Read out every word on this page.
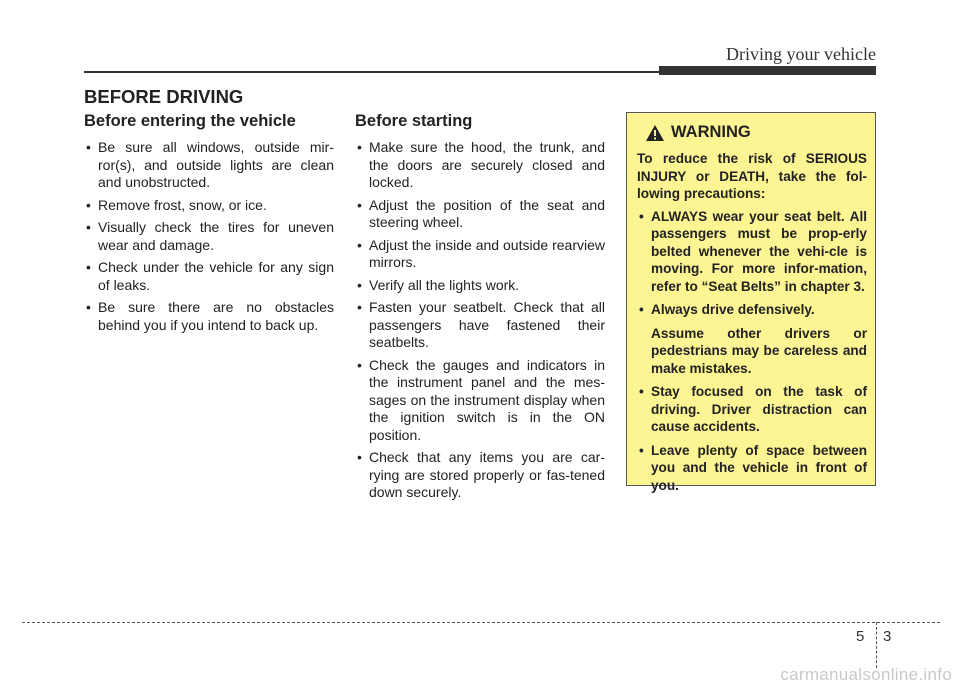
Driving your vehicle
BEFORE DRIVING
Before entering the vehicle
• Be sure all windows, outside mir-ror(s), and outside lights are clean and unobstructed.
• Remove frost, snow, or ice.
• Visually check the tires for uneven wear and damage.
• Check under the vehicle for any sign of leaks.
• Be sure there are no obstacles behind you if you intend to back up.
Before starting
• Make sure the hood, the trunk, and the doors are securely closed and locked.
• Adjust the position of the seat and steering wheel.
• Adjust the inside and outside rearview mirrors.
• Verify all the lights work.
• Fasten your seatbelt. Check that all passengers have fastened their seatbelts.
• Check the gauges and indicators in the instrument panel and the mes-sages on the instrument display when the ignition switch is in the ON position.
• Check that any items you are car-rying are stored properly or fas-tened down securely.
WARNING
To reduce the risk of SERIOUS INJURY or DEATH, take the fol-lowing precautions:
• ALWAYS wear your seat belt. All passengers must be prop-erly belted whenever the vehi-cle is moving. For more infor-mation, refer to “Seat Belts” in chapter 3.
• Always drive defensively.
Assume other drivers or pedestrians may be careless and make mistakes.
• Stay focused on the task of driving. Driver distraction can cause accidents.
• Leave plenty of space between you and the vehicle in front of you.
5 3
carmanualsonline.info
